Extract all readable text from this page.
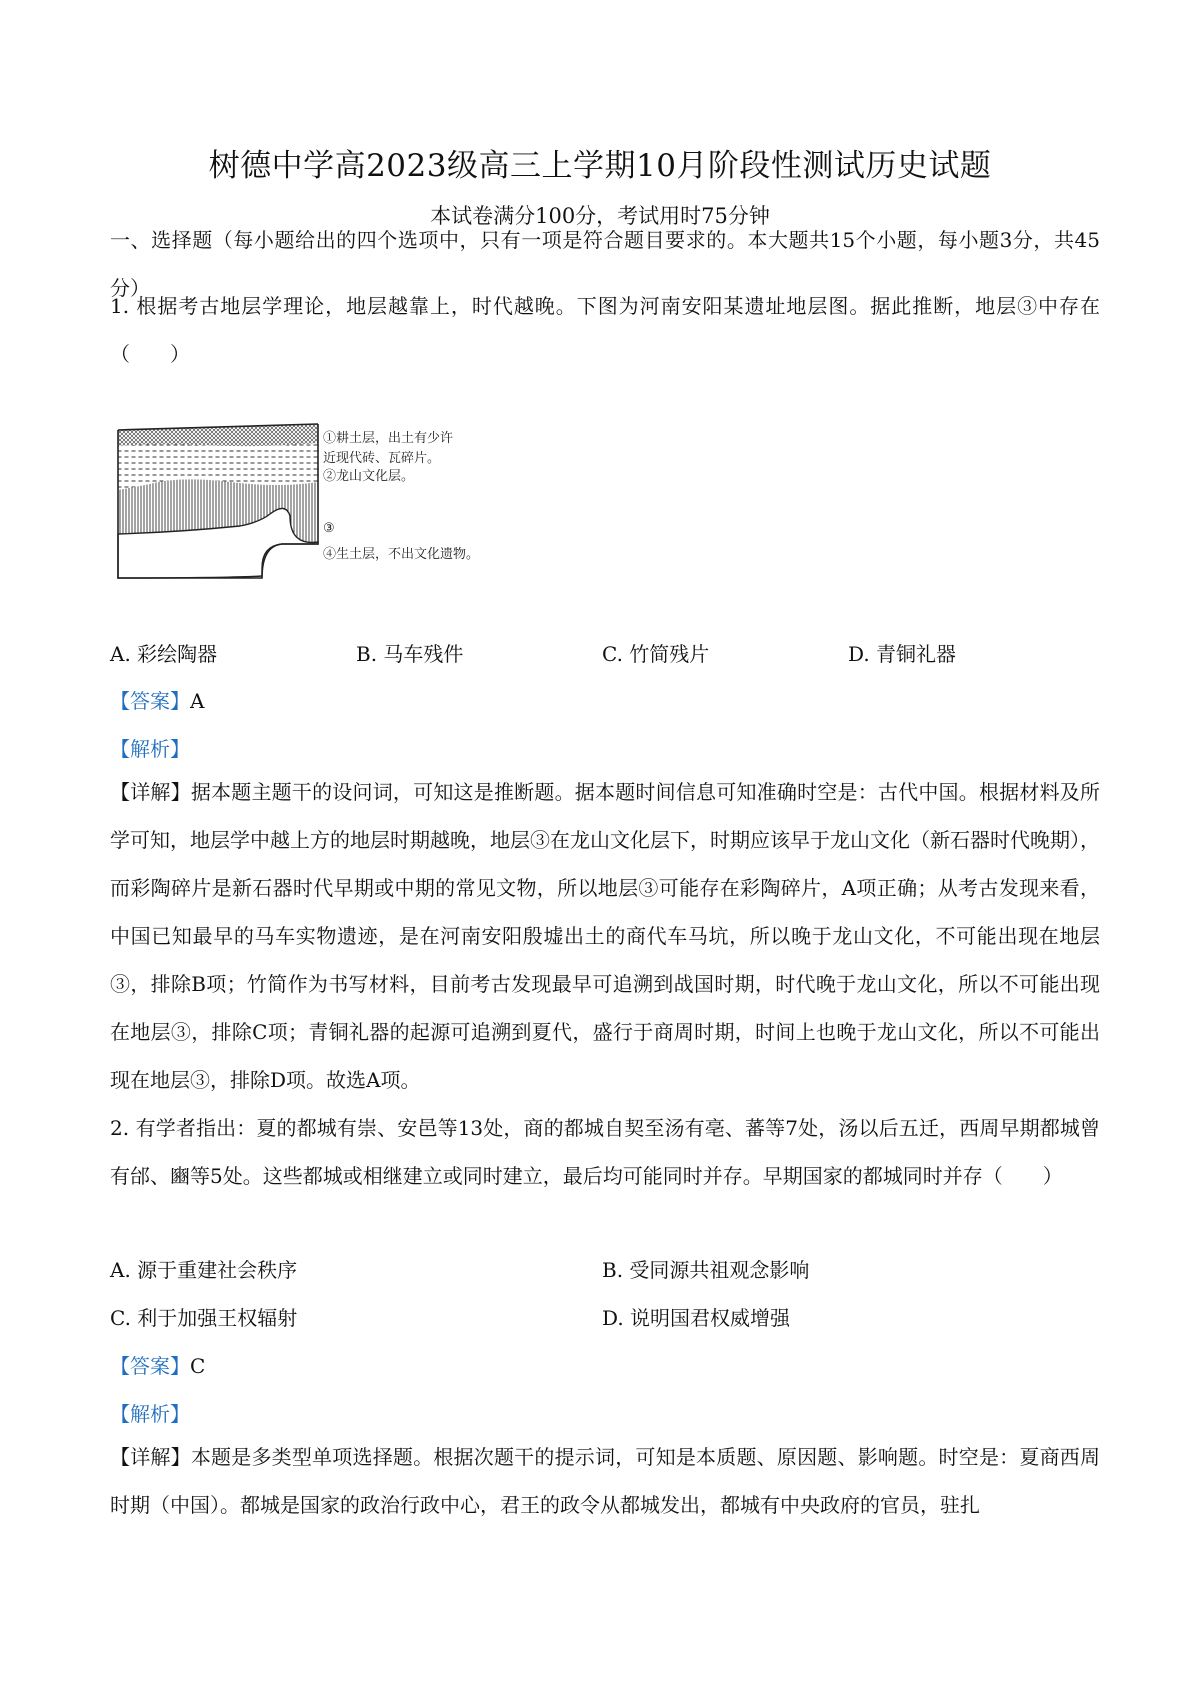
树德中学高2023级高三上学期10月阶段性测试历史试题
本试卷满分100分，考试用时75分钟
一、选择题（每小题给出的四个选项中，只有一项是符合题目要求的。本大题共15个小题，每小题3分，共45分）
1. 根据考古地层学理论，地层越靠上，时代越晚。下图为河南安阳某遗址地层图。据此推断，地层③中存在（　　）
①耕土层，出土有少许
近现代砖、瓦碎片。
②龙山文化层。
③
④生土层，不出文化遗物。
A. 彩绘陶器	B. 马车残件	C. 竹简残片	D. 青铜礼器
【答案】A
【解析】
【详解】据本题主题干的设问词，可知这是推断题。据本题时间信息可知准确时空是：古代中国。根据材料及所学可知，地层学中越上方的地层时期越晚，地层③在龙山文化层下，时期应该早于龙山文化（新石器时代晚期），而彩陶碎片是新石器时代早期或中期的常见文物，所以地层③可能存在彩陶碎片，A项正确；从考古发现来看，中国已知最早的马车实物遗迹，是在河南安阳殷墟出土的商代车马坑，所以晚于龙山文化，不可能出现在地层③，排除B项；竹简作为书写材料，目前考古发现最早可追溯到战国时期，时代晚于龙山文化，所以不可能出现在地层③，排除C项；青铜礼器的起源可追溯到夏代，盛行于商周时期，时间上也晚于龙山文化，所以不可能出现在地层③，排除D项。故选A项。
2. 有学者指出：夏的都城有崇、安邑等13处，商的都城自契至汤有亳、蕃等7处，汤以后五迁，西周早期都城曾有邰、豳等5处。这些都城或相继建立或同时建立，最后均可能同时并存。早期国家的都城同时并存（　　）
A. 源于重建社会秩序	B. 受同源共祖观念影响
C. 利于加强王权辐射	D. 说明国君权威增强
【答案】C
【解析】
【详解】本题是多类型单项选择题。根据次题干的提示词，可知是本质题、原因题、影响题。时空是：夏商西周时期（中国）。都城是国家的政治行政中心，君王的政令从都城发出，都城有中央政府的官员，驻扎
